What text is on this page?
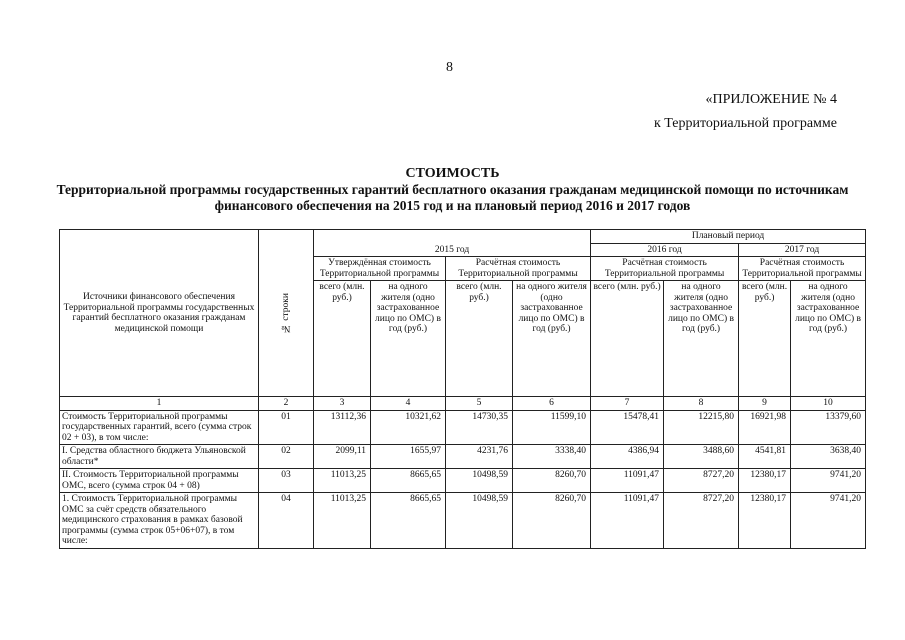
8
«ПРИЛОЖЕНИЕ № 4
к Территориальной программе
СТОИМОСТЬ
Территориальной программы государственных гарантий бесплатного оказания гражданам медицинской помощи по источникам финансового обеспечения на 2015 год и на плановый период 2016 и 2017 годов
Источники финансового обеспечения Территориальной программы государственных гарантий бесплатного оказания гражданам медицинской помощи	№ строки	2015 год				Плановый период			
						2016 год		2017 год	
		Утверждённая стоимость Территориальной программы		Расчётная стоимость Территориальной программы		Расчётная стоимость Территориальной программы		Расчётная стоимость Территориальной программы	
		всего (млн. руб.)	на одного жителя (одно застрахованное лицо по ОМС) в год (руб.)	всего (млн. руб.)	на одного жителя (одно застрахованное лицо по ОМС) в год (руб.)	всего (млн. руб.)	на одного жителя (одно застрахованное лицо по ОМС) в год (руб.)	всего (млн. руб.)	на одного жителя (одно застрахованное лицо по ОМС) в год (руб.)
1	2	3	4	5	6	7	8	9	10
Стоимость Территориальной программы государственных гарантий, всего (сумма строк 02 + 03), в том числе:	01	13112,36	10321,62	14730,35	11599,10	15478,41	12215,80	16921,98	13379,60
I. Средства областного бюджета Ульяновской области*	02	2099,11	1655,97	4231,76	3338,40	4386,94	3488,60	4541,81	3638,40
II. Стоимость Территориальной программы ОМС, всего (сумма строк 04 + 08)	03	11013,25	8665,65	10498,59	8260,70	11091,47	8727,20	12380,17	9741,20
1. Стоимость Территориальной программы ОМС за счёт средств обязательного медицинского страхования в рамках базовой программы (сумма строк 05+06+07), в том числе:	04	11013,25	8665,65	10498,59	8260,70	11091,47	8727,20	12380,17	9741,20
